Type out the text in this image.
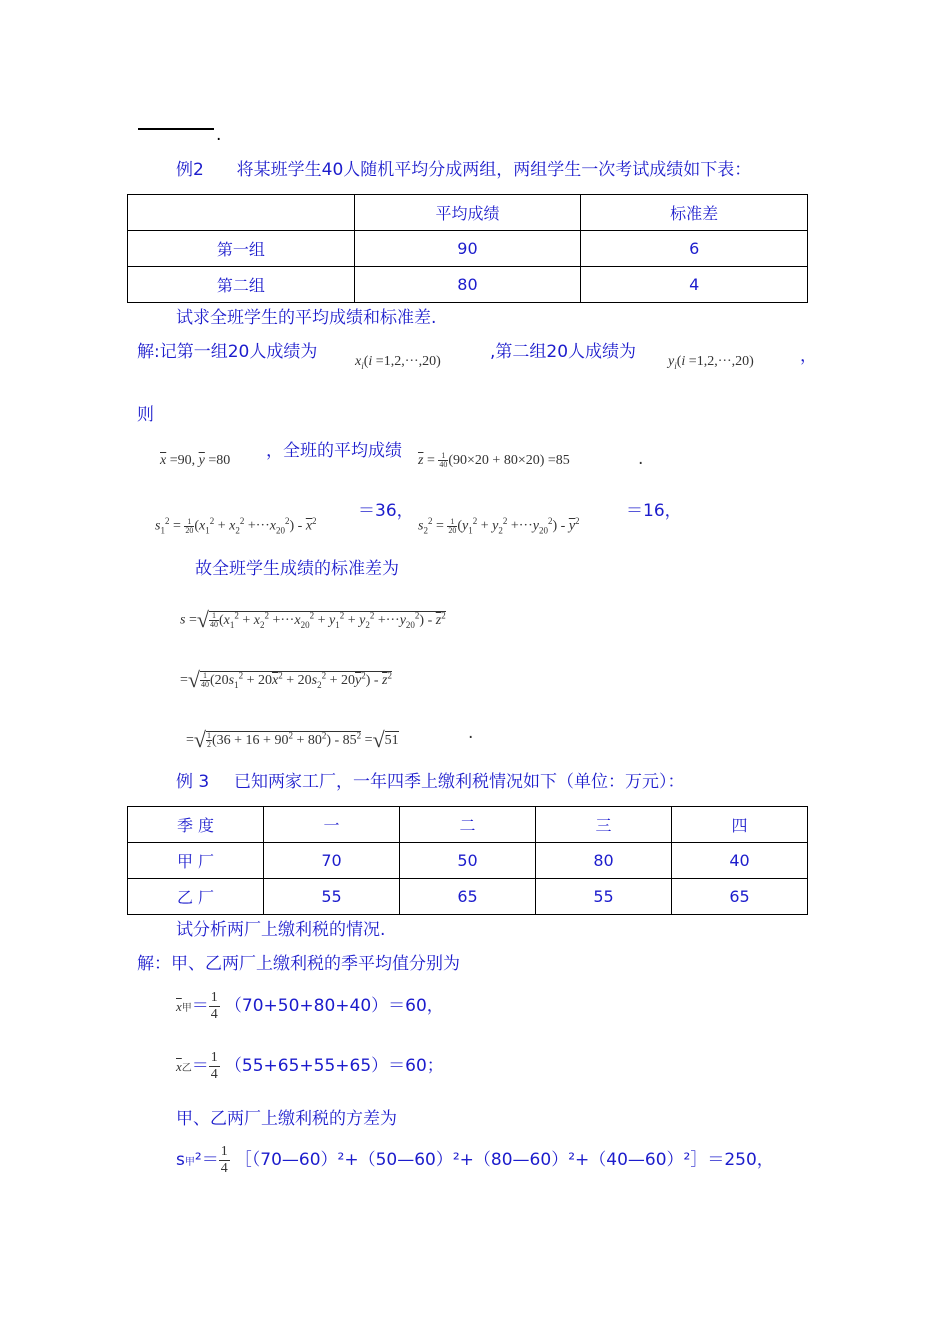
.
例2 将某班学生40人随机平均分成两组，两组学生一次考试成绩如下表：
	平均成绩	标准差
第一组	90	6
第二组	80	4
试求全班学生的平均成绩和标准差.
解:记第一组20人成绩为	$x_i(i =1,2,\cdot\cdot\cdot,20)$	,第二组20人成绩为 $y_i(i =1,2,\cdot\cdot\cdot,20)$	，
则
$\overline{x} =90$, $\overline{y} =80$ ，全班的平均成绩 $\overline{z} = \frac{1}{40} (90\times 20 + 80\times 20) =85$	.
$s_1^2 = \frac{1}{20} (x_1^2 + x_2^2 +\cdot\cdot\cdot x_{20}^2) - \overline{x}^2 =36$，
$s_2^2 = \frac{1}{20} (y_1^2 + y_2^2 +\cdot\cdot\cdot y_{20}^2) - \overline{y}^2$	＝16，
故全班学生成绩的标准差为
s =√ $\frac{1}{40} (x_1^2 + x_2^2 +\cdot\cdot\cdot x_{20}^2 + y_1^2 + y_2^2 +\cdot\cdot\cdot y_{20}^2) - \overline{z}^2$
=√ $\frac{1}{40} (20s_1^2 + 20\overline{x}^2 + 20s_2^2 + 20\overline{y}^2) - \overline{z}^2$
=√ $\frac{1}{2} (36 + 16 + 90^2 + 80^2) - 85^2 =√51$	.
例 3 已知两家工厂，一年四季上缴利税情况如下（单位：万元）：
季 度	一	二	三	四
甲 厂	70	50	80	40
乙 厂	55	65	55	65
试分析两厂上缴利税的情况.
解：甲、乙两厂上缴利税的季平均值分别为
$\overline{x}$甲＝ $\frac{1}{4} (70+50+80+40)=60$，
$\overline{x}$乙＝ $\frac{1}{4} (55+65+55+65)=60$；
甲、乙两厂上缴利税的方差为
s甲$^2= \frac{1}{4}$ ［（70—60）²+（50—60）²+（80—60）²+（40—60）²］＝250，
